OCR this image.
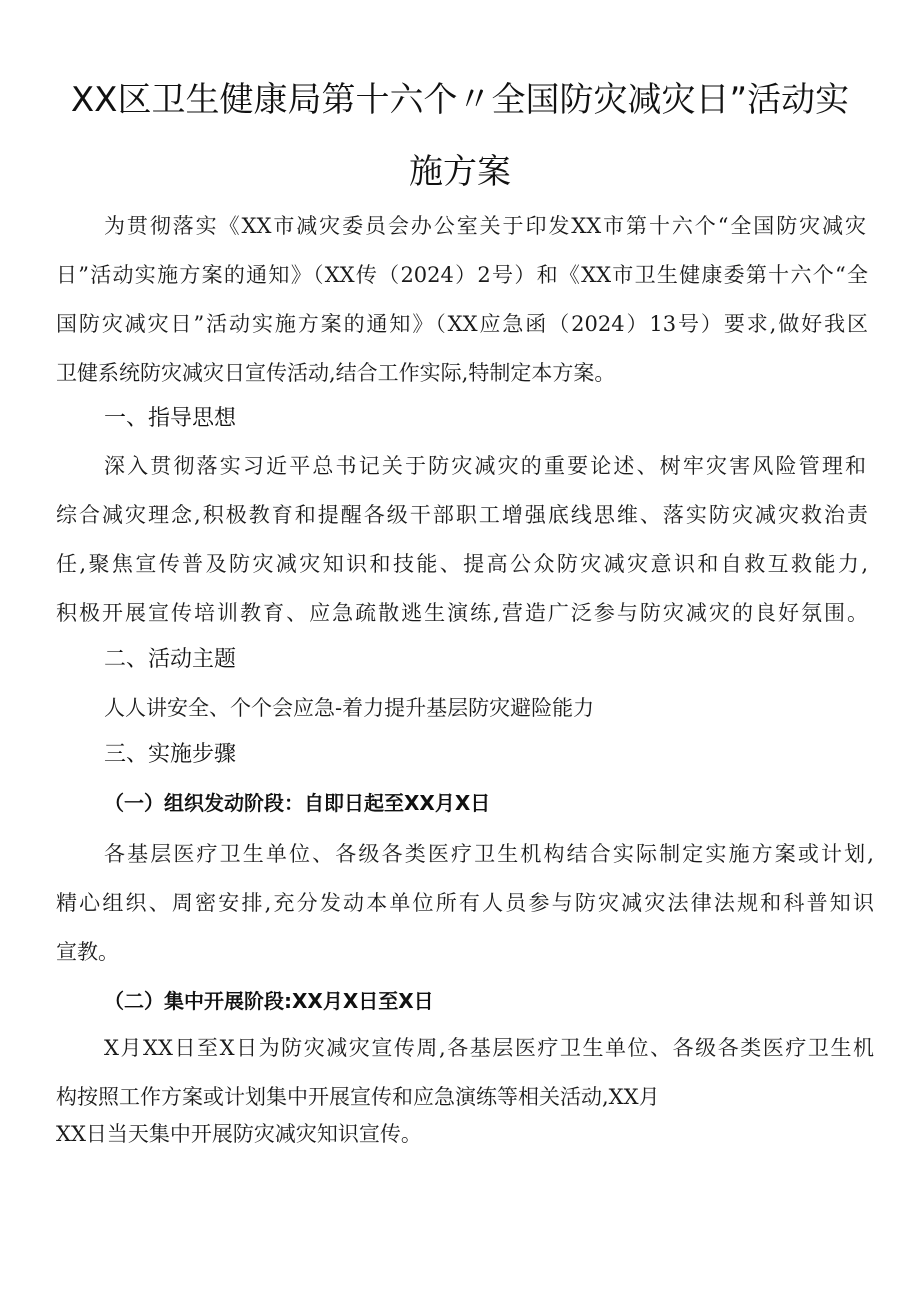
XX区卫生健康局第十六个〃全国防灾减灾日”活动实
施方案
为贯彻落实《XX市减灾委员会办公室关于印发XX市第十六个“全国防灾减灾
日”活动实施方案的通知》（XX传（2024）2号）和《XX市卫生健康委第十六个“全
国防灾减灾日”活动实施方案的通知》（XX应急函（2024）13号）要求,做好我区
卫健系统防灾减灾日宣传活动,结合工作实际,特制定本方案。
一、指导思想
深入贯彻落实习近平总书记关于防灾减灾的重要论述、树牢灾害风险管理和
综合减灾理念,积极教育和提醒各级干部职工增强底线思维、落实防灾减灾救治责
任,聚焦宣传普及防灾减灾知识和技能、提高公众防灾减灾意识和自救互救能力,
积极开展宣传培训教育、应急疏散逃生演练,营造广泛参与防灾减灾的良好氛围。
二、活动主题
人人讲安全、个个会应急-着力提升基层防灾避险能力
三、实施步骤
（一）组织发动阶段：自即日起至XX月X日
各基层医疗卫生单位、各级各类医疗卫生机构结合实际制定实施方案或计划,
精心组织、周密安排,充分发动本单位所有人员参与防灾减灾法律法规和科普知识
宣教。
（二）集中开展阶段:XX月X日至X日
X月XX日至X日为防灾减灾宣传周,各基层医疗卫生单位、各级各类医疗卫生机
构按照工作方案或计划集中开展宣传和应急演练等相关活动,XX月
XX日当天集中开展防灾减灾知识宣传。
